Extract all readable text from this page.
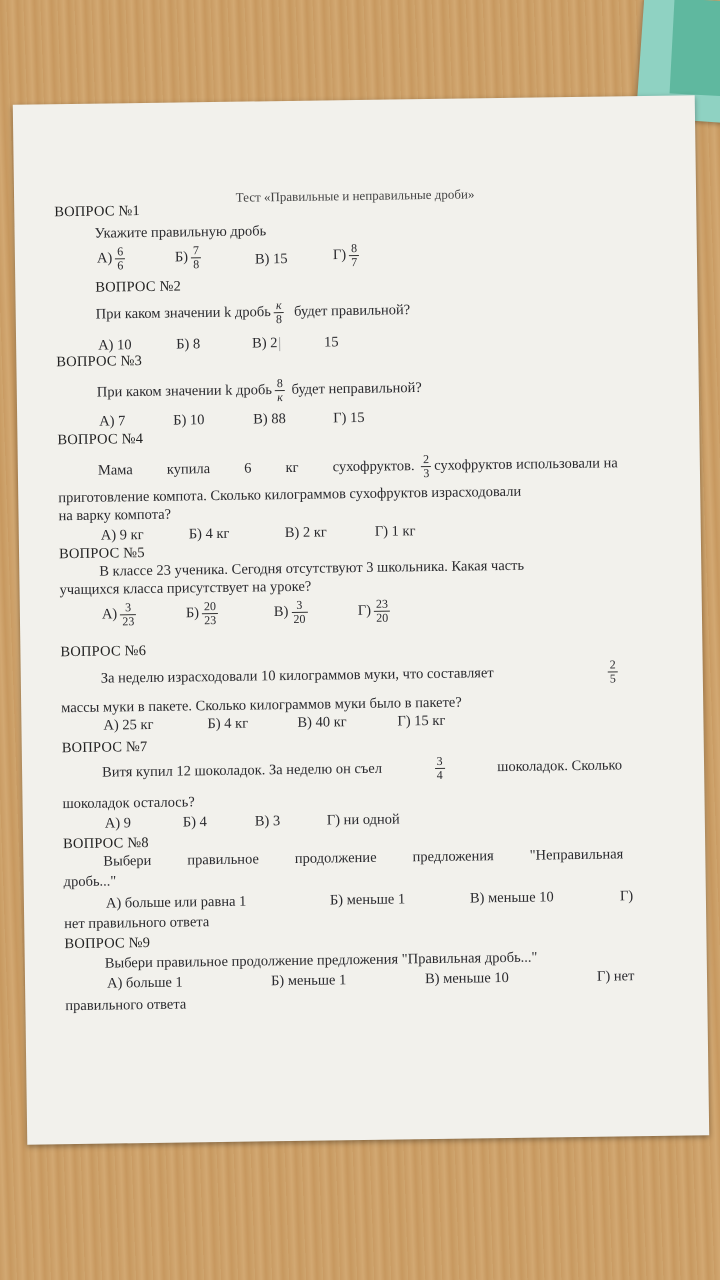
Тест «Правильные и неправильные дроби»
ВОПРОС №1
Укажите правильную дробь
$А) \frac{6}{6}$	$Б) \frac{7}{8}$	В) 15	$Г) \frac{8}{7}$
ВОПРОС №2
При каком значении k дробь $\frac{к}{8}$ будет правильной?
А) 10	Б) 8	В) 2	15
ВОПРОС №3
При каком значении k дробь $\frac{8}{к}$ будет неправильной?
А) 7	Б) 10	В) 88	Г) 15
ВОПРОС №4
Мама купила 6 кг сухофруктов. $\frac{2}{3}$ сухофруктов использовали на
приготовление компота. Сколько килограммов сухофруктов израсходовали
на варку компота?
А) 9 кг	Б) 4 кг	В) 2 кг	Г) 1 кг
ВОПРОС №5
В классе 23 ученика. Сегодня отсутствуют 3 школьника. Какая часть
учащихся класса присутствует на уроке?
$А) \frac{3}{23}$	$Б) \frac{20}{23}$	$В) \frac{3}{20}$	$Г) \frac{23}{20}$
ВОПРОС №6
За неделю израсходовали 10 килограммов муки, что составляет	$\frac{2}{5}$
массы муки в пакете. Сколько килограммов муки было в пакете?
А) 25 кг	Б) 4 кг	В) 40 кг	Г) 15 кг
ВОПРОС №7
Витя купил 12 шоколадок. За неделю он съел	$\frac{3}{4}$	шоколадок. Сколько
шоколадок осталось?
А) 9	Б) 4	В) 3	Г) ни одной
ВОПРОС №8
Выбери правильное продолжение предложения "Неправильная
дробь..."
А) больше или равна 1	Б) меньше 1	В) меньше 10	Г)
нет правильного ответа
ВОПРОС №9
Выбери правильное продолжение предложения "Правильная дробь..."
А) больше 1	Б) меньше 1	В) меньше 10	Г) нет
правильного ответа
